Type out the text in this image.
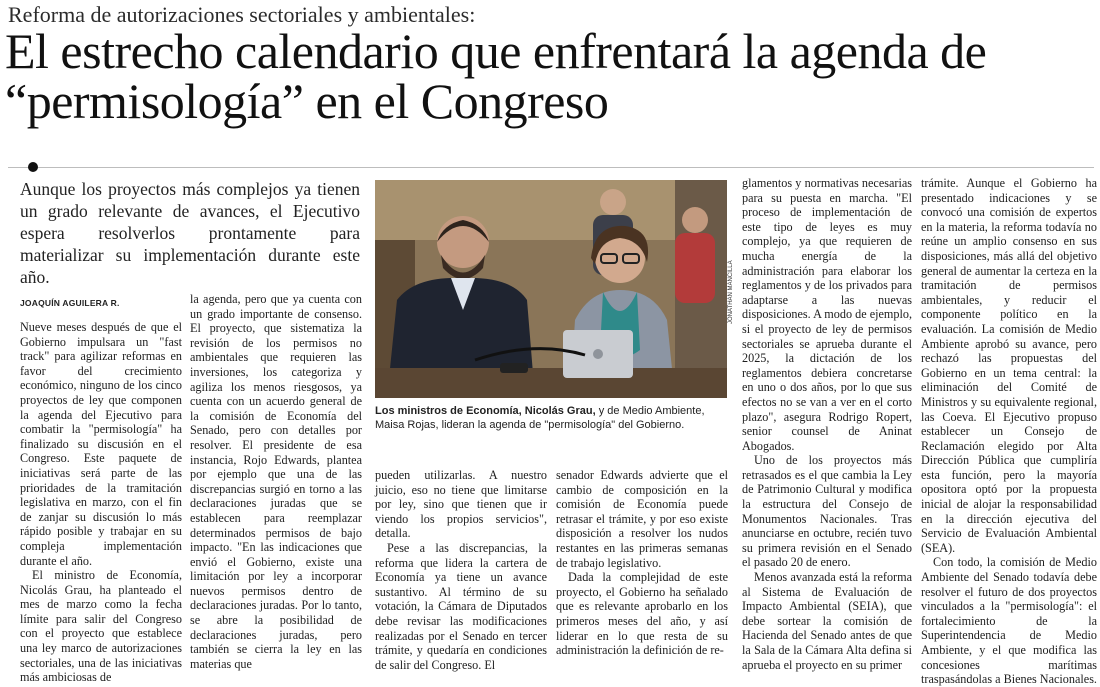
Reforma de autorizaciones sectoriales y ambientales:
El estrecho calendario que enfrentará la agenda de “permisología” en el Congreso
Aunque los proyectos más complejos ya tienen un grado relevante de avances, el Ejecutivo espera resolverlos prontamente para materializar su implementación durante este año.
JOAQUÍN AGUILERA R.

Nueve meses después de que el Gobierno impulsara un "fast track" para agilizar reformas en favor del crecimiento económico, ninguno de los cinco proyectos de ley que componen la agenda del Ejecutivo para combatir la "permisología" ha finalizado su discusión en el Congreso. Este paquete de iniciativas será parte de las prioridades de la tramitación legislativa en marzo, con el fin de zanjar su discusión lo más rápido posible y trabajar en su compleja implementación durante el año.

El ministro de Economía, Nicolás Grau, ha planteado el mes de marzo como la fecha límite para salir del Congreso con el proyecto que establece una ley marco de autorizaciones sectoriales, una de las iniciativas más ambiciosas de

la agenda, pero que ya cuenta con un grado importante de consenso. El proyecto, que sistematiza la revisión de los permisos no ambientales que requieren las inversiones, los categoriza y agiliza los menos riesgosos, ya cuenta con un acuerdo general de la comisión de Economía del Senado, pero con detalles por resolver. El presidente de esa instancia, Rojo Edwards, plantea por ejemplo que una de las discrepancias surgió en torno a las declaraciones juradas que se establecen para reemplazar determinados permisos de bajo impacto. "En las indicaciones que envió el Gobierno, existe una limitación por ley a incorporar nuevos permisos dentro de declaraciones juradas. Por lo tanto, se abre la posibilidad de declaraciones juradas, pero también se cierra la ley en las materias que

JONATHAN MANCILLA
Los ministros de Economía, Nicolás Grau, y de Medio Ambiente, Maisa Rojas, lideran la agenda de "permisología" del Gobierno.

pueden utilizarlas. A nuestro juicio, eso no tiene que limitarse por ley, sino que tienen que ir viendo los propios servicios", detalla.

Pese a las discrepancias, la reforma que lidera la cartera de Economía ya tiene un avance sustantivo. Al término de su votación, la Cámara de Diputados debe revisar las modificaciones realizadas por el Senado en tercer trámite, y quedaría en condiciones de salir del Congreso. El

senador Edwards advierte que el cambio de composición en la comisión de Economía puede retrasar el trámite, y por eso existe disposición a resolver los nudos restantes en las primeras semanas de trabajo legislativo.

Dada la complejidad de este proyecto, el Gobierno ha señalado que es relevante aprobarlo en los primeros meses del año, y así liderar en lo que resta de su administración la definición de re-

glamentos y normativas necesarias para su puesta en marcha. "El proceso de implementación de este tipo de leyes es muy complejo, ya que requieren de mucha energía de la administración para elaborar los reglamentos y de los privados para adaptarse a las nuevas disposiciones. A modo de ejemplo, si el proyecto de ley de permisos sectoriales se aprueba durante el 2025, la dictación de los reglamentos debiera concretarse en uno o dos años, por lo que sus efectos no se van a ver en el corto plazo", asegura Rodrigo Ropert, senior counsel de Aninat Abogados.

Uno de los proyectos más retrasados es el que cambia la Ley de Patrimonio Cultural y modifica la estructura del Consejo de Monumentos Nacionales. Tras anunciarse en octubre, recién tuvo su primera revisión en el Senado el pasado 20 de enero.

Menos avanzada está la reforma al Sistema de Evaluación de Impacto Ambiental (SEIA), que debe sortear la comisión de Hacienda del Senado antes de que la Sala de la Cámara Alta defina si aprueba el proyecto en su primer

trámite. Aunque el Gobierno ha presentado indicaciones y se convocó una comisión de expertos en la materia, la reforma todavía no reúne un amplio consenso en sus disposiciones, más allá del objetivo general de aumentar la certeza en la tramitación de permisos ambientales, y reducir el componente político en la evaluación. La comisión de Medio Ambiente aprobó su avance, pero rechazó las propuestas del Gobierno en un tema central: la eliminación del Comité de Ministros y su equivalente regional, las Coeva. El Ejecutivo propuso establecer un Consejo de Reclamación elegido por Alta Dirección Pública que cumpliría esta función, pero la mayoría opositora optó por la propuesta inicial de alojar la responsabilidad en la dirección ejecutiva del Servicio de Evaluación Ambiental (SEA).

Con todo, la comisión de Medio Ambiente del Senado todavía debe resolver el futuro de dos proyectos vinculados a la "permisología": el fortalecimiento de la Superintendencia de Medio Ambiente, y el que modifica las concesiones marítimas traspasándolas a Bienes Nacionales.
